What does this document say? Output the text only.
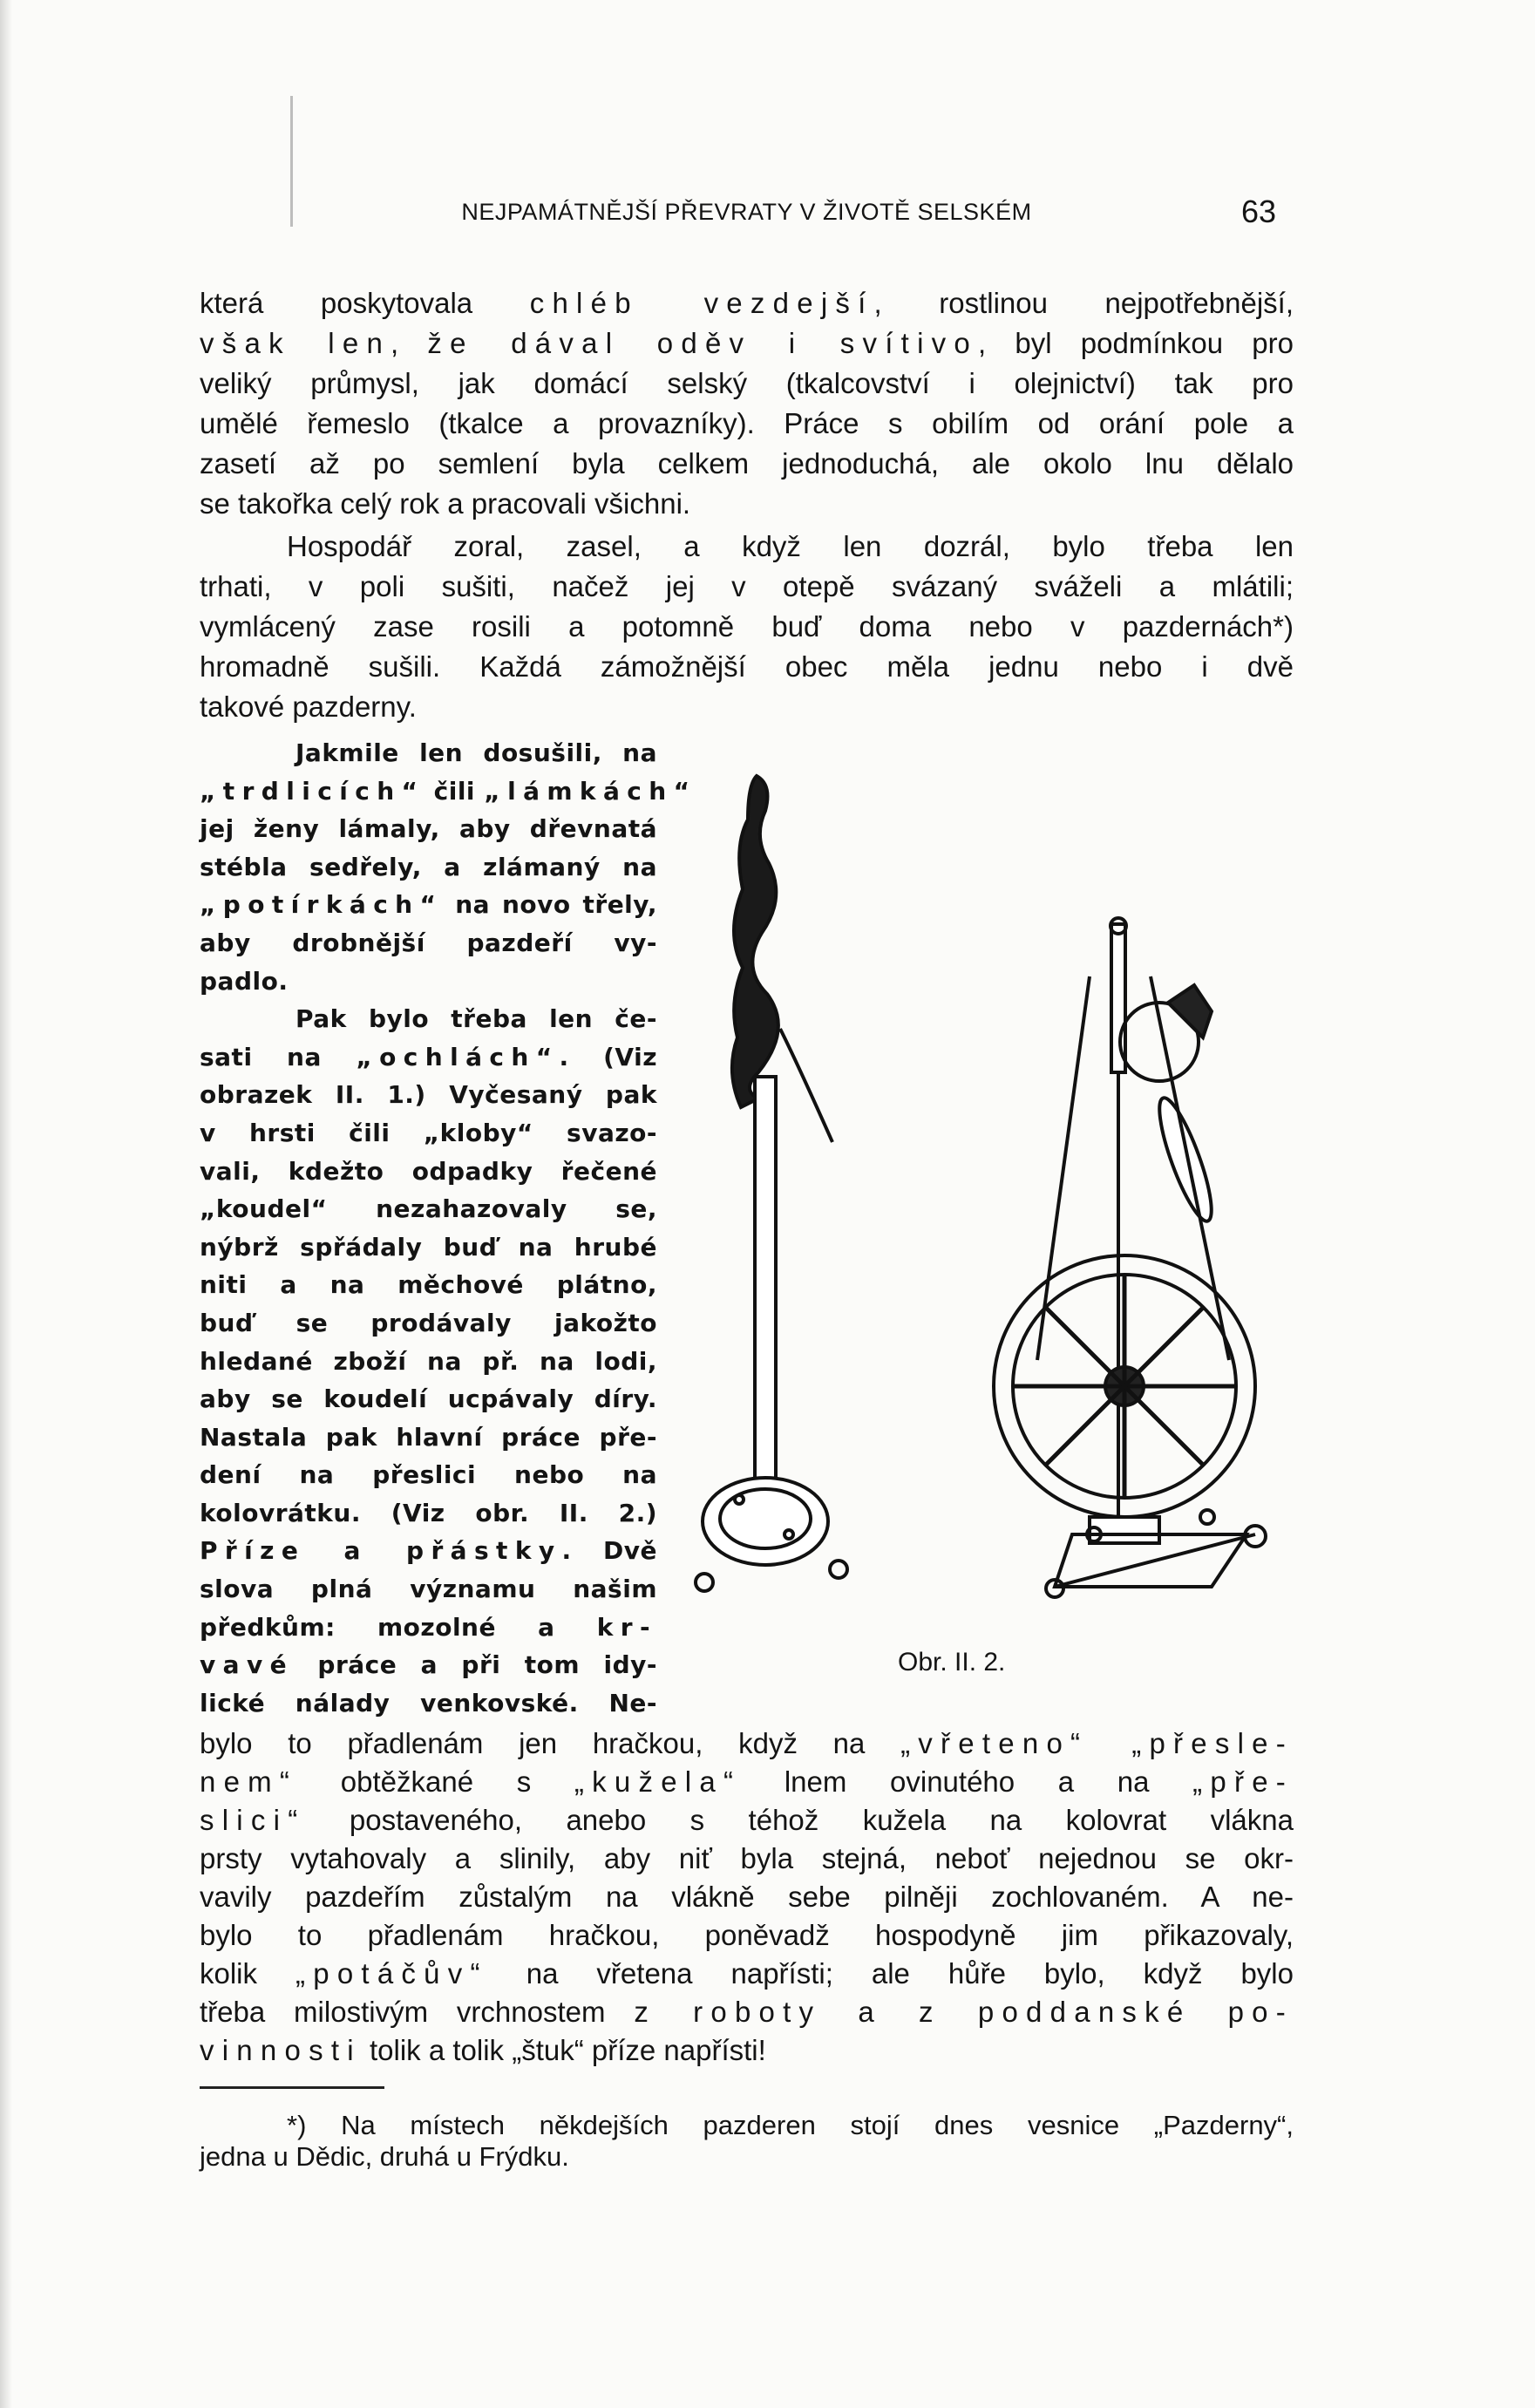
NEJPAMÁTNĚJŠÍ PŘEVRATY V ŽIVOTĚ SELSKÉM	63
která poskytovala chléb vezdejší, rostlinou nejpotřebnější,
však len, že dával oděv i svítivo, byl podmínkou pro
veliký průmysl, jak domácí selský (tkalcovství i olejnictví) tak pro
umělé řemeslo (tkalce a provazníky). Práce s obilím od orání pole a
zasetí až po semlení byla celkem jednoduchá, ale okolo lnu dělalo
se takořka celý rok a pracovali všichni.
Hospodář zoral, zasel, a když len dozrál, bylo třeba len
trhati, v poli sušiti, načež jej v otepě svázaný sváželi a mlátili;
vymlácený zase rosili a potomně buď doma nebo v pazdernách*)
hromadně sušili. Každá zámožnější obec měla jednu nebo i dvě
takové pazderny.
Jakmile len dosušili, na
„trdlicích“ čili „lámkách“
jej ženy lámaly, aby dřevnatá
stébla sedřely, a zlámaný na
„potírkách“ na novo třely,
aby drobnější pazdeří vy-
padlo.
Pak bylo třeba len če-
sati na „ochlách“. (Viz
obrazek II. 1.) Vyčesaný pak
v hrsti čili „kloby“ svazo-
vali, kdežto odpadky řečené
„koudel“ nezahazovaly se,
nýbrž spřádaly buď na hrubé
niti a na měchové plátno,
buď se prodávaly jakožto
hledané zboží na př. na lodi,
aby se koudelí ucpávaly díry.
Nastala pak hlavní práce pře-
dení na přeslici nebo na
kolovrátku. (Viz obr. II. 2.)
Příze a přástky. Dvě
slova plná významu našim
předkům: mozolné a kr-
vavé práce a při tom idy-
lické nálady venkovské. Ne-
bylo to přadlenám jen hračkou, když na „vřeteno“ „přesle-
nem“ obtěžkané s „kužela“ lnem ovinutého a na „pře-
slici“ postaveného, anebo s téhož kužela na kolovrat vlákna
prsty vytahovaly a slinily, aby niť byla stejná, neboť nejednou se okr-
vavily pazdeřím zůstalým na vlákně sebe pilněji zochlovaném. A ne-
bylo to přadlenám hračkou, poněvadž hospodyně jim přikazovaly,
kolik „potáčův“ na vřetena napřísti; ale hůře bylo, když bylo
třeba milostivým vrchnostem z roboty a z poddanské po-
vinnosti tolik a tolik „štuk“ příze napřísti!
*) Na místech někdejších pazderen stojí dnes vesnice „Pazderny“,
jedna u Dědic, druhá u Frýdku.
Obr. II. 2.
